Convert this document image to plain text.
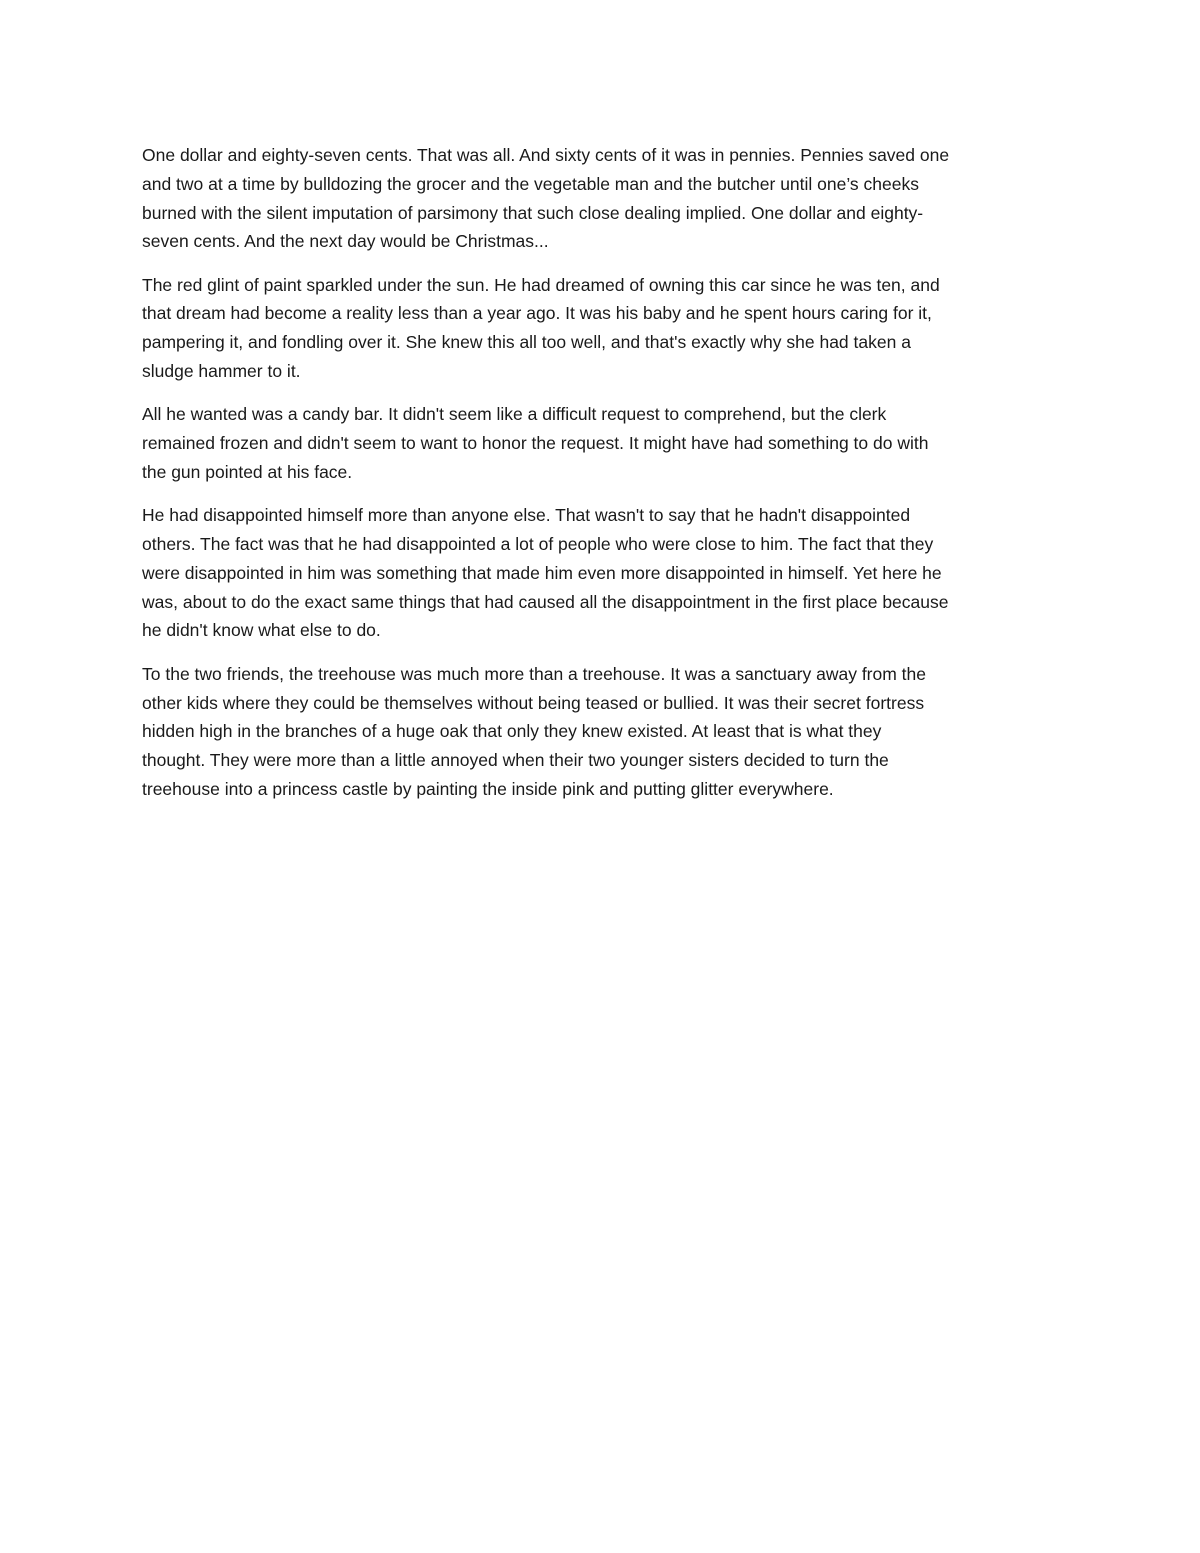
One dollar and eighty-seven cents. That was all. And sixty cents of it was in pennies. Pennies saved one
and two at a time by bulldozing the grocer and the vegetable man and the butcher until one’s cheeks
burned with the silent imputation of parsimony that such close dealing implied. One dollar and eighty-
seven cents. And the next day would be Christmas...

The red glint of paint sparkled under the sun. He had dreamed of owning this car since he was ten, and
that dream had become a reality less than a year ago. It was his baby and he spent hours caring for it,
pampering it, and fondling over it. She knew this all too well, and that's exactly why she had taken a
sludge hammer to it.

All he wanted was a candy bar. It didn't seem like a difficult request to comprehend, but the clerk
remained frozen and didn't seem to want to honor the request. It might have had something to do with
the gun pointed at his face.

He had disappointed himself more than anyone else. That wasn't to say that he hadn't disappointed
others. The fact was that he had disappointed a lot of people who were close to him. The fact that they
were disappointed in him was something that made him even more disappointed in himself. Yet here he
was, about to do the exact same things that had caused all the disappointment in the first place because
he didn't know what else to do.

To the two friends, the treehouse was much more than a treehouse. It was a sanctuary away from the
other kids where they could be themselves without being teased or bullied. It was their secret fortress
hidden high in the branches of a huge oak that only they knew existed. At least that is what they
thought. They were more than a little annoyed when their two younger sisters decided to turn the
treehouse into a princess castle by painting the inside pink and putting glitter everywhere.
